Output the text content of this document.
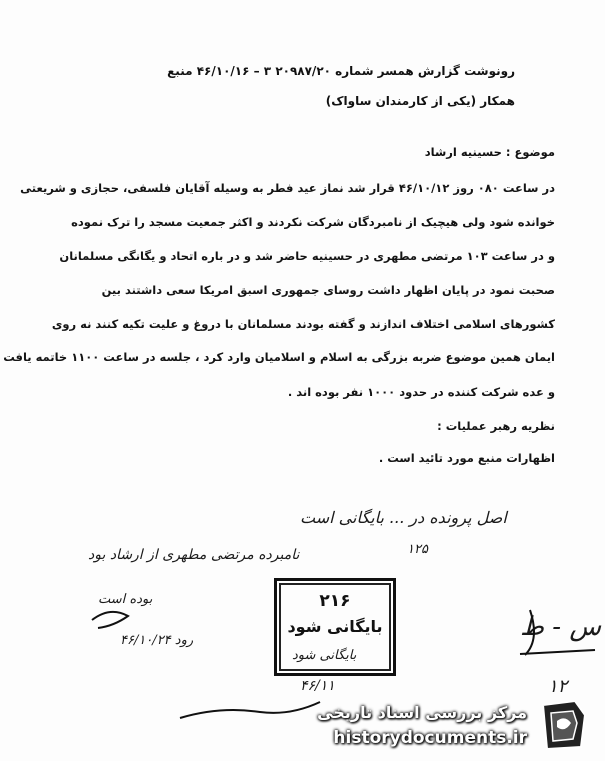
رونوشت گزارش همسر شماره ۲۰۹۸۷/۲۰ ۳ – ۴۶/۱۰/۱۶ منبع
همکار (یکی از کارمندان ساواک)
موضوع : حسینیه ارشاد
در ساعت ۰۸۰ روز ۴۶/۱۰/۱۲ قرار شد نماز عید فطر به وسیله آقایان فلسفی، حجازی و شریعتی
خوانده شود ولی هیچیک از نامبردگان شرکت نکردند و اکثر جمعیت مسجد را ترک نموده
و در ساعت ۱۰۳ مرتضی مطهری در حسینیه حاضر شد و در باره اتحاد و یگانگی مسلمانان
صحبت نمود در پایان اظهار داشت روسای جمهوری اسبق امریکا سعی داشتند بین
کشورهای اسلامی اختلاف اندازند و گفته بودند مسلمانان با دروغ و علیت تکیه کنند نه روی
ایمان همین موضوع ضربه بزرگی به اسلام و اسلامیان وارد کرد ، جلسه در ساعت ۱۱۰۰ خاتمه یافت
و عده شرکت کننده در حدود ۱۰۰۰ نفر بوده اند .
نظریه رهبر عملیات :
اظهارات منبع مورد تائید است .
اصل پرونده در ... بایگانی است
۱۲۵
نامبرده مرتضی مطهری از ارشاد بود
بوده است
۴۶/۱۰/۲۴ رود
بایگانی شود
۴۶/۱۱
س - ط
۱۲
۲۱۶
بایگانی شود
مرکز بررسی اسناد تاریخی
historydocuments.ir
